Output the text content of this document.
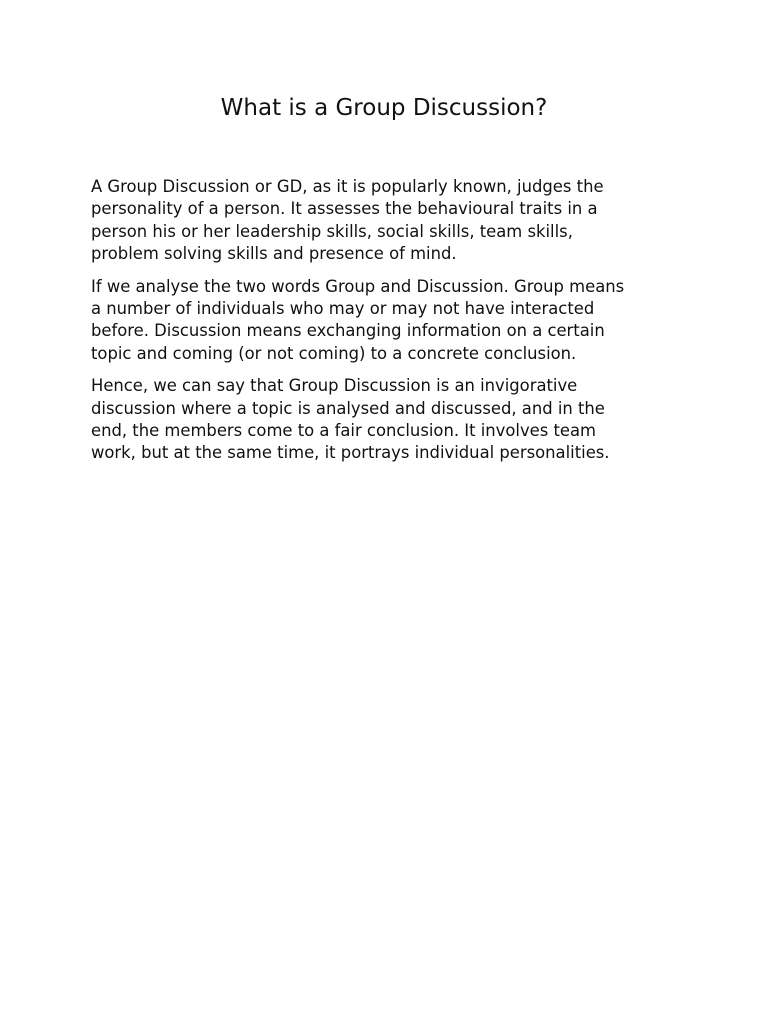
What is a Group Discussion?

A Group Discussion or GD, as it is popularly known, judges the
personality of a person. It assesses the behavioural traits in a
person his or her leadership skills, social skills, team skills,
problem solving skills and presence of mind.

If we analyse the two words Group and Discussion. Group means
a number of individuals who may or may not have interacted
before. Discussion means exchanging information on a certain
topic and coming (or not coming) to a concrete conclusion.

Hence, we can say that Group Discussion is an invigorative
discussion where a topic is analysed and discussed, and in the
end, the members come to a fair conclusion. It involves team
work, but at the same time, it portrays individual personalities.
